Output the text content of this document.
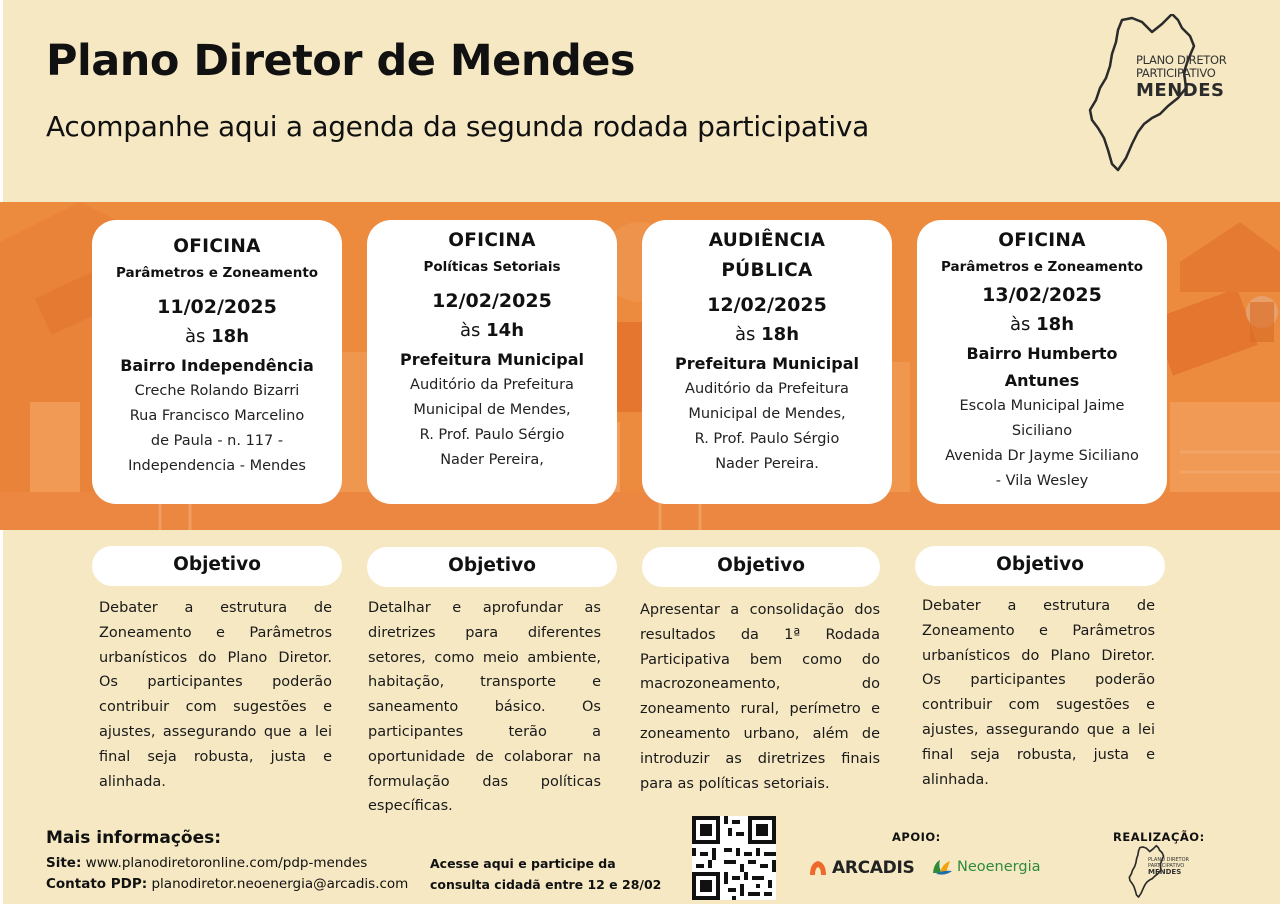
Plano Diretor de Mendes
Acompanhe aqui a agenda da segunda rodada participativa
PLANO DIRETOR
PARTICIPATIVO
MENDES
OFICINA
Parâmetros e Zoneamento
11/02/2025
às 18h
Bairro Independência
Creche Rolando Bizarri
Rua Francisco Marcelino
de Paula - n. 117 -
Independencia - Mendes
OFICINA
Políticas Setoriais
12/02/2025
às 14h
Prefeitura Municipal
Auditório da Prefeitura
Municipal de Mendes,
R. Prof. Paulo Sérgio
Nader Pereira,
AUDIÊNCIA
PÚBLICA
12/02/2025
às 18h
Prefeitura Municipal
Auditório da Prefeitura
Municipal de Mendes,
R. Prof. Paulo Sérgio
Nader Pereira.
OFICINA
Parâmetros e Zoneamento
13/02/2025
às 18h
Bairro Humberto
Antunes
Escola Municipal Jaime
Siciliano
Avenida Dr Jayme Siciliano
- Vila Wesley
Objetivo	Objetivo	Objetivo	Objetivo
Debater a estrutura de Zoneamento e Parâmetros urbanísticos do Plano Diretor. Os participantes poderão contribuir com sugestões e ajustes, assegurando que a lei final seja robusta, justa e alinhada.
Detalhar e aprofundar as diretrizes para diferentes setores, como meio ambiente, habitação, transporte e saneamento básico. Os participantes terão a oportunidade de colaborar na formulação das políticas específicas.
Apresentar a consolidação dos resultados da 1ª Rodada Participativa bem como do macrozoneamento, do zoneamento rural, perímetro e zoneamento urbano, além de introduzir as diretrizes finais para as políticas setoriais.
Debater a estrutura de Zoneamento e Parâmetros urbanísticos do Plano Diretor. Os participantes poderão contribuir com sugestões e ajustes, assegurando que a lei final seja robusta, justa e alinhada.
Mais informações:
Site: www.planodiretoronline.com/pdp-mendes
Contato PDP: planodiretor.neoenergia@arcadis.com
Acesse aqui e participe da
consulta cidadã entre 12 e 28/02
APOIO:
ARCADIS	Neoenergia
REALIZAÇÃO:
PLANO DIRETOR
PARTICIPATIVO
MENDES
